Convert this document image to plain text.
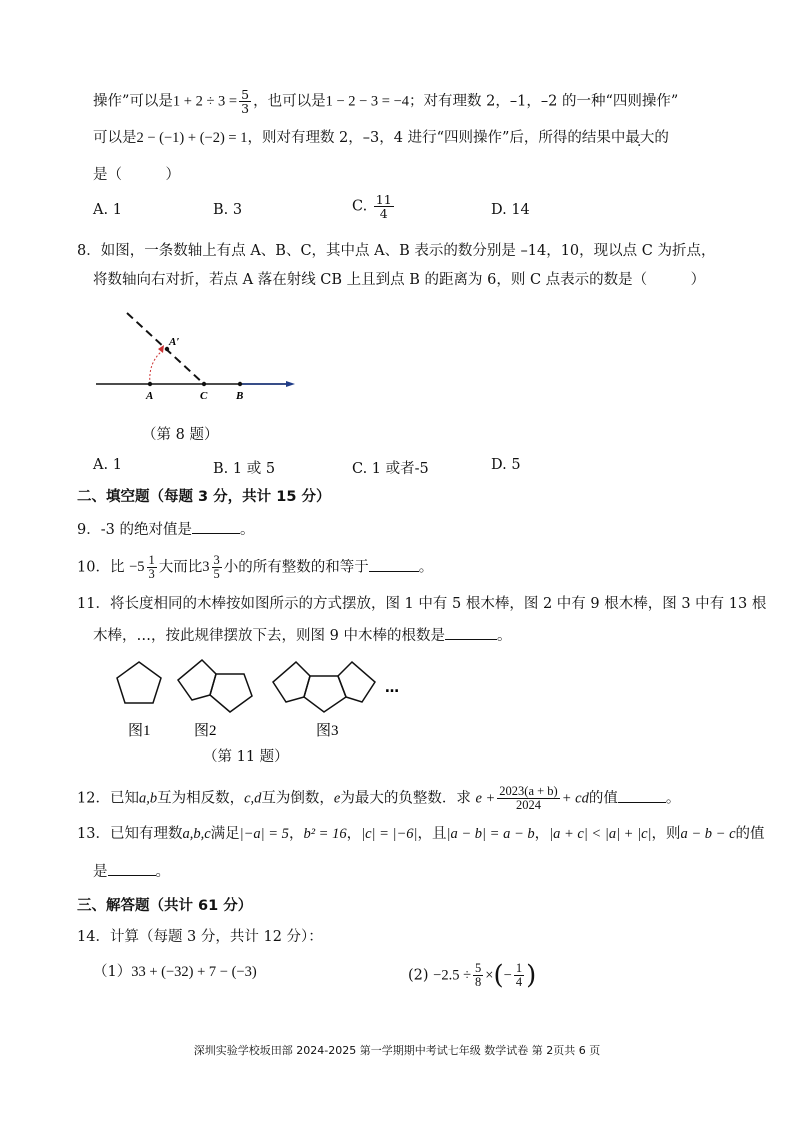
操作”可以是$1 + 2 \div 3 = \frac{5}{3}$ ，也可以是1 − 2 − 3 = −4；对有理数 2，–1，–2 的一种“四则操作”
可以是2 − (−1) + (−2) = 1，则对有理数 2，–3，4 进行“四则操作”后，所得的结果中最大的
是（　　　）
A. 1	B. 3	C. $\frac{11}{4}$	D. 14
8．如图，一条数轴上有点 A、B、C，其中点 A、B 表示的数分别是 –14，10，现以点 C 为折点，
将数轴向右对折，若点 A 落在射线 CB 上且到点 B 的距离为 6，则 C 点表示的数是（　　　）
A′
A	C	B
（第 8 题）
A. 1	B. 1 或 5	C. 1 或者-5	D. 5
二、填空题（每题 3 分，共计 15 分）
9．-3 的绝对值是	。
10．比 $-5 \frac{1}{3}$ 大而比$3 \frac{3}{5}$ 小的所有整数的和等于	。
11．将长度相同的木棒按如图所示的方式摆放，图 1 中有 5 根木棒，图 2 中有 9 根木棒，图 3 中有 13 根
木棒，…，按此规律摆放下去，则图 9 中木棒的根数是	。
…
图1	图2	图3
（第 11 题）
12．已知a,b互为相反数，c,d互为倒数，e为最大的负整数．求 $e + \frac{2023(a + b)}{2024}$ + cd的值	。
13．已知有理数a,b,c满足|−a| = 5，b² = 16，|c| = |−6|，且|a − b| = a − b，|a + c| < |a| + |c|，则a − b − c的值
是	。
三、解答题（共计 61 分）
14．计算（每题 3 分，共计 12 分）：
（1）33 + (−32) + 7 − (−3)	$(2) -2.5 \div \frac{5}{8}$ ×(− $\frac{1}{4}$ )
深圳实验学校坂田部 2024-2025 第一学期期中考试七年级 数学试卷 第 2页共 6 页
